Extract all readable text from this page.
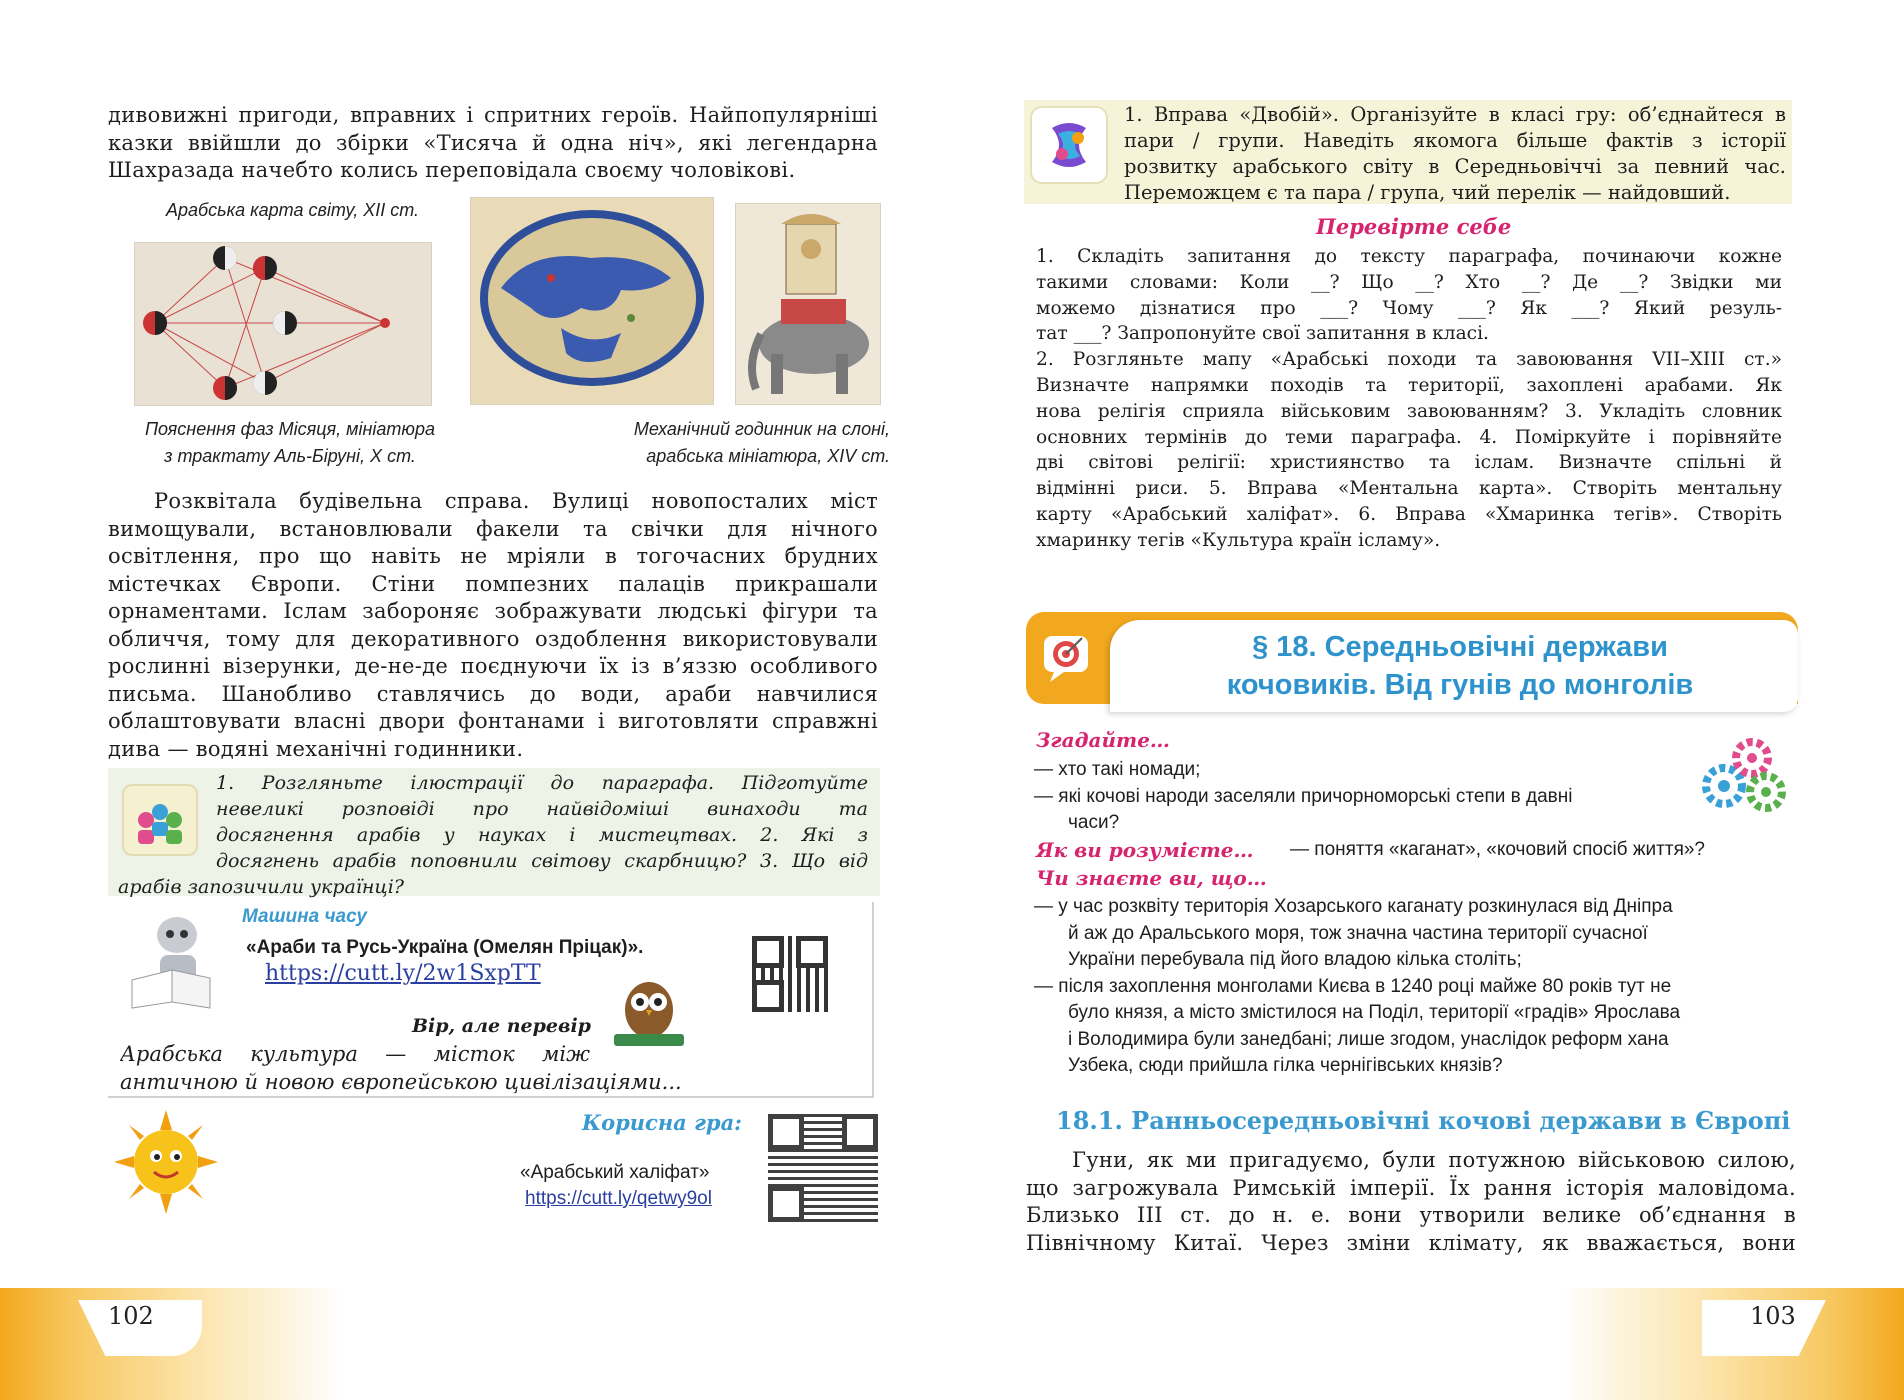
дивовижні пригоди, вправних і спритних героїв. Найпопулярніші
казки ввійшли до збірки «Тисяча й одна ніч», які легендарна
Шахразада начебто колись переповідала своєму чоловікові.
Арабська карта світу, XII ст.
Пояснення фаз Місяця, мініатюра
з трактату Аль-Біруні, X ст.
Механічний годинник на слоні,
арабська мініатюра, XIV ст.
Розквітала будівельна справа. Вулиці новопосталих міст
вимощували, встановлювали факели та свічки для нічного
освітлення, про що навіть не мріяли в тогочасних брудних
містечках Європи. Стіни помпезних палаців прикрашали
орнаментами. Іслам забороняє зображувати людські фігури та
обличчя, тому для декоративного оздоблення використовували
рослинні візерунки, де-не-де поєднуючи їх із в’яззю особливого
письма. Шанобливо ставлячись до води, араби навчилися
облаштовувати власні двори фонтанами і виготовляти справжні
дива — водяні механічні годинники.
1. Розгляньте ілюстрації до параграфа. Підготуйте
невеликі розповіді про найвідоміші винаходи та
досягнення арабів у науках і мистецтвах. 2. Які з
досягнень арабів поповнили світову скарбницю? 3. Що від
арабів запозичили українці?
Машина часу
«Араби та Русь-Україна (Омелян Пріцак)».
https://cutt.ly/2w1SxpTT
Вір, але перевір
Арабська культура — місток між
античною й новою європейською цивілізаціями...
Корисна гра:
«Арабський халіфат»
https://cutt.ly/qetwy9ol
102
1. Вправа «Двобій». Організуйте в класі гру: об’єднайтеся в
пари / групи. Наведіть якомога більше фактів з історії
розвитку арабського світу в Середньовіччі за певний час.
Переможцем є та пара / група, чий перелік — найдовший.
Перевірте себе
1. Складіть запитання до тексту параграфа, починаючи кожне
такими словами: Коли __? Що __? Хто __? Де __? Звідки ми
можемо дізнатися про ___? Чому ___? Як ___? Який резуль-
тат ___? Запропонуйте свої запитання в класі.
2. Розгляньте мапу «Арабські походи та завоювання VII–XIII ст.»
Визначте напрямки походів та території, захоплені арабами. Як
нова релігія сприяла військовим завоюванням? 3. Укладіть словник
основних термінів до теми параграфа. 4. Поміркуйте і порівняйте
дві світові релігії: християнство та іслам. Визначте спільні й
відмінні риси. 5. Вправа «Ментальна карта». Створіть ментальну
карту «Арабський халіфат». 6. Вправа «Хмаринка тегів». Створіть
хмаринку тегів «Культура країн ісламу».
§ 18. Середньовічні держави
кочовиків. Від гунів до монголів
Згадайте…
— хто такі номади;
— які кочові народи заселяли причорноморські степи в давні
часи?
Як ви розумієте… — поняття «каганат», «кочовий спосіб життя»?
Чи знаєте ви, що…
— у час розквіту територія Хозарського каганату розкинулася від Дніпра
й аж до Аральського моря, тож значна частина території сучасної
України перебувала під його владою кілька століть;
— після захоплення монголами Києва в 1240 році майже 80 років тут не
було князя, а місто змістилося на Поділ, території «градів» Ярослава
і Володимира були занедбані; лише згодом, унаслідок реформ хана
Узбека, сюди прийшла гілка чернігівських князів?
18.1. Ранньосередньовічні кочові держави в Європі
Гуни, як ми пригадуємо, були потужною військовою силою,
що загрожувала Римській імперії. Їх рання історія маловідома.
Близько III ст. до н. е. вони утворили велике об’єднання в
Північному Китаї. Через зміни клімату, як вважається, вони
103
